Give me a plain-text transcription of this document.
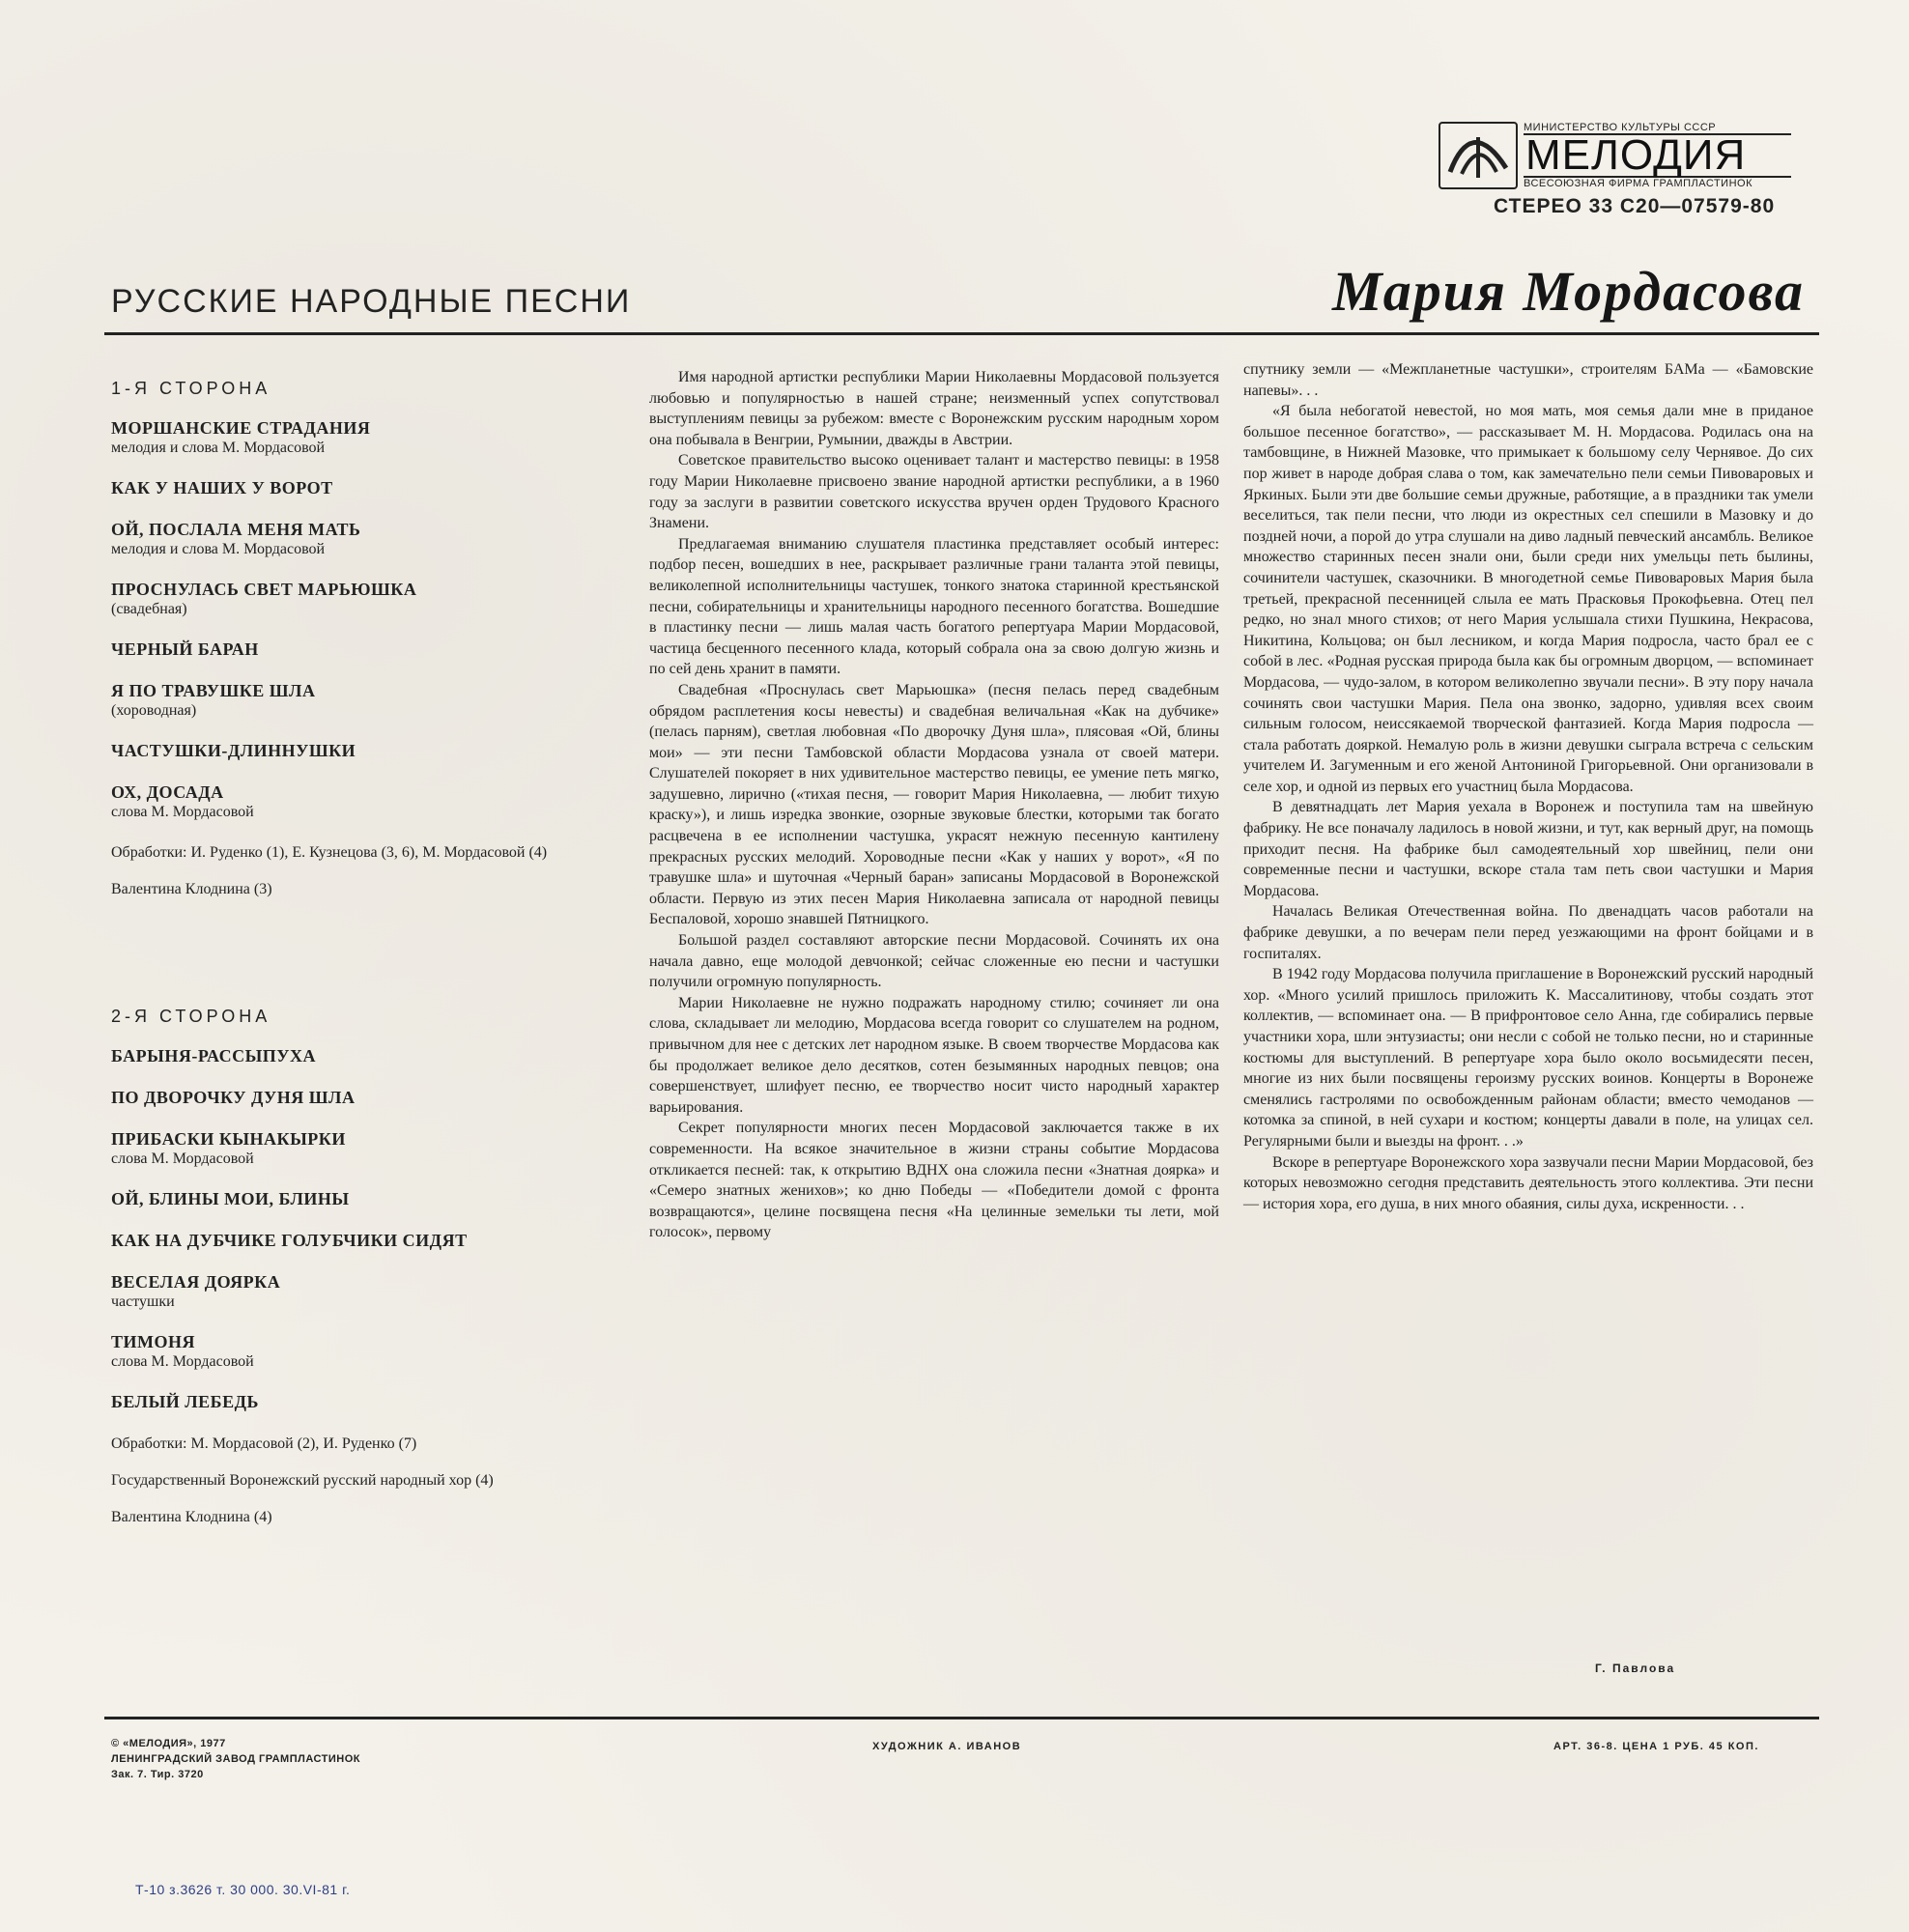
МИНИСТЕРСТВО КУЛЬТУРЫ СССР
МЕЛОДИЯ
ВСЕСОЮЗНАЯ ФИРМА ГРАМПЛАСТИНОК
СТЕРЕО 33 С20—07579-80
РУССКИЕ НАРОДНЫЕ ПЕСНИ	Мария Мордасова
1-Я СТОРОНА
МОРШАНСКИЕ СТРАДАНИЯ
мелодия и слова М. Мордасовой
КАК У НАШИХ У ВОРОТ
ОЙ, ПОСЛАЛА МЕНЯ МАТЬ
мелодия и слова М. Мордасовой
ПРОСНУЛАСЬ СВЕТ МАРЬЮШКА
(свадебная)
ЧЕРНЫЙ БАРАН
Я ПО ТРАВУШКЕ ШЛА
(хороводная)
ЧАСТУШКИ-ДЛИННУШКИ
ОХ, ДОСАДА
слова М. Мордасовой
Обработки: И. Руденко (1), Е. Кузнецова (3, 6), М. Мордасовой (4)
Валентина Клоднина (3)
2-Я СТОРОНА
БАРЫНЯ-РАССЫПУХА
ПО ДВОРОЧКУ ДУНЯ ШЛА
ПРИБАСКИ КЫНАКЫРКИ
слова М. Мордасовой
ОЙ, БЛИНЫ МОИ, БЛИНЫ
КАК НА ДУБЧИКЕ ГОЛУБЧИКИ СИДЯТ
ВЕСЕЛАЯ ДОЯРКА
частушки
ТИМОНЯ
слова М. Мордасовой
БЕЛЫЙ ЛЕБЕДЬ
Обработки: М. Мордасовой (2), И. Руденко (7)
Государственный Воронежский русский народный хор (4)
Валентина Клоднина (4)

Имя народной артистки республики Марии Николаевны Мордасовой пользуется любовью и популярностью в нашей стране; неизменный успех сопутствовал выступлениям певицы за рубежом: вместе с Воронежским русским народным хором она побывала в Венгрии, Румынии, дважды в Австрии.

Советское правительство высоко оценивает талант и мастерство певицы: в 1958 году Марии Николаевне присвоено звание народной артистки республики, а в 1960 году за заслуги в развитии советского искусства вручен орден Трудового Красного Знамени.

Предлагаемая вниманию слушателя пластинка представляет особый интерес: подбор песен, вошедших в нее, раскрывает различные грани таланта этой певицы, великолепной исполнительницы частушек, тонкого знатока старинной крестьянской песни, собирательницы и хранительницы народного песенного богатства. Вошедшие в пластинку песни — лишь малая часть богатого репертуара Марии Мордасовой, частица бесценного песенного клада, который собрала она за свою долгую жизнь и по сей день хранит в памяти.

Свадебная «Проснулась свет Марьюшка» (песня пелась перед свадебным обрядом расплетения косы невесты) и свадебная величальная «Как на дубчике» (пелась парням), светлая любовная «По дворочку Дуня шла», плясовая «Ой, блины мои» — эти песни Тамбовской области Мордасова узнала от своей матери. Слушателей покоряет в них удивительное мастерство певицы, ее умение петь мягко, задушевно, лирично («тихая песня, — говорит Мария Николаевна, — любит тихую краску»), и лишь изредка звонкие, озорные звуковые блестки, которыми так богато расцвечена в ее исполнении частушка, украсят нежную песенную кантилену прекрасных русских мелодий. Хороводные песни «Как у наших у ворот», «Я по травушке шла» и шуточная «Черный баран» записаны Мордасовой в Воронежской области. Первую из этих песен Мария Николаевна записала от народной певицы Беспаловой, хорошо знавшей Пятницкого.

Большой раздел составляют авторские песни Мордасовой. Сочинять их она начала давно, еще молодой девчонкой; сейчас сложенные ею песни и частушки получили огромную популярность.

Марии Николаевне не нужно подражать народному стилю; сочиняет ли она слова, складывает ли мелодию, Мордасова всегда говорит со слушателем на родном, привычном для нее с детских лет народном языке. В своем творчестве Мордасова как бы продолжает великое дело десятков, сотен безымянных народных певцов; она совершенствует, шлифует песню, ее творчество носит чисто народный характер варьирования.

Секрет популярности многих песен Мордасовой заключается также в их современности. На всякое значительное в жизни страны событие Мордасова откликается песней: так, к открытию ВДНХ она сложила песни «Знатная доярка» и «Семеро знатных женихов»; ко дню Победы — «Победители домой с фронта возвращаются», целине посвящена песня «На целинные земельки ты лети, мой голосок», первому

спутнику земли — «Межпланетные частушки», строителям БАМа — «Бамовские напевы». . .

«Я была небогатой невестой, но моя мать, моя семья дали мне в приданое большое песенное богатство», — рассказывает М. Н. Мордасова. Родилась она на тамбовщине, в Нижней Мазовке, что примыкает к большому селу Чернявое. До сих пор живет в народе добрая слава о том, как замечательно пели семьи Пивоваровых и Яркиных. Были эти две большие семьи дружные, работящие, а в праздники так умели веселиться, так пели песни, что люди из окрестных сел спешили в Мазовку и до поздней ночи, а порой до утра слушали на диво ладный певческий ансамбль. Великое множество старинных песен знали они, были среди них умельцы петь былины, сочинители частушек, сказочники. В многодетной семье Пивоваровых Мария была третьей, прекрасной песенницей слыла ее мать Прасковья Прокофьевна. Отец пел редко, но знал много стихов; от него Мария услышала стихи Пушкина, Некрасова, Никитина, Кольцова; он был лесником, и когда Мария подросла, часто брал ее с собой в лес. «Родная русская природа была как бы огромным дворцом, — вспоминает Мордасова, — чудо-залом, в котором великолепно звучали песни». В эту пору начала сочинять свои частушки Мария. Пела она звонко, задорно, удивляя всех своим сильным голосом, неиссякаемой творческой фантазией. Когда Мария подросла — стала работать дояркой. Немалую роль в жизни девушки сыграла встреча с сельским учителем И. Загуменным и его женой Антониной Григорьевной. Они организовали в селе хор, и одной из первых его участниц была Мордасова.

В девятнадцать лет Мария уехала в Воронеж и поступила там на швейную фабрику. Не все поначалу ладилось в новой жизни, и тут, как верный друг, на помощь приходит песня. На фабрике был самодеятельный хор швейниц, пели они современные песни и частушки, вскоре стала там петь свои частушки и Мария Мордасова.

Началась Великая Отечественная война. По двенадцать часов работали на фабрике девушки, а по вечерам пели перед уезжающими на фронт бойцами и в госпиталях.

В 1942 году Мордасова получила приглашение в Воронежский русский народный хор. «Много усилий пришлось приложить К. Массалитинову, чтобы создать этот коллектив, — вспоминает она. — В прифронтовое село Анна, где собирались первые участники хора, шли энтузиасты; они несли с собой не только песни, но и старинные костюмы для выступлений. В репертуаре хора было около восьмидесяти песен, многие из них были посвящены героизму русских воинов. Концерты в Воронеже сменялись гастролями по освобожденным районам области; вместо чемоданов — котомка за спиной, в ней сухари и костюм; концерты давали в поле, на улицах сел. Регулярными были и выезды на фронт. . .»

Вскоре в репертуаре Воронежского хора зазвучали песни Марии Мордасовой, без которых невозможно сегодня представить деятельность этого коллектива. Эти песни — история хора, его душа, в них много обаяния, силы духа, искренности. . .

Г. Павлова
© «МЕЛОДИЯ», 1977
ЛЕНИНГРАДСКИЙ ЗАВОД ГРАМПЛАСТИНОК
Зак. 7. Тир. 3720
ХУДОЖНИК А. ИВАНОВ	АРТ. 36-8. ЦЕНА 1 РУБ. 45 КОП.
Т-10 з.3626 т. 30 000. 30.VI-81 г.
